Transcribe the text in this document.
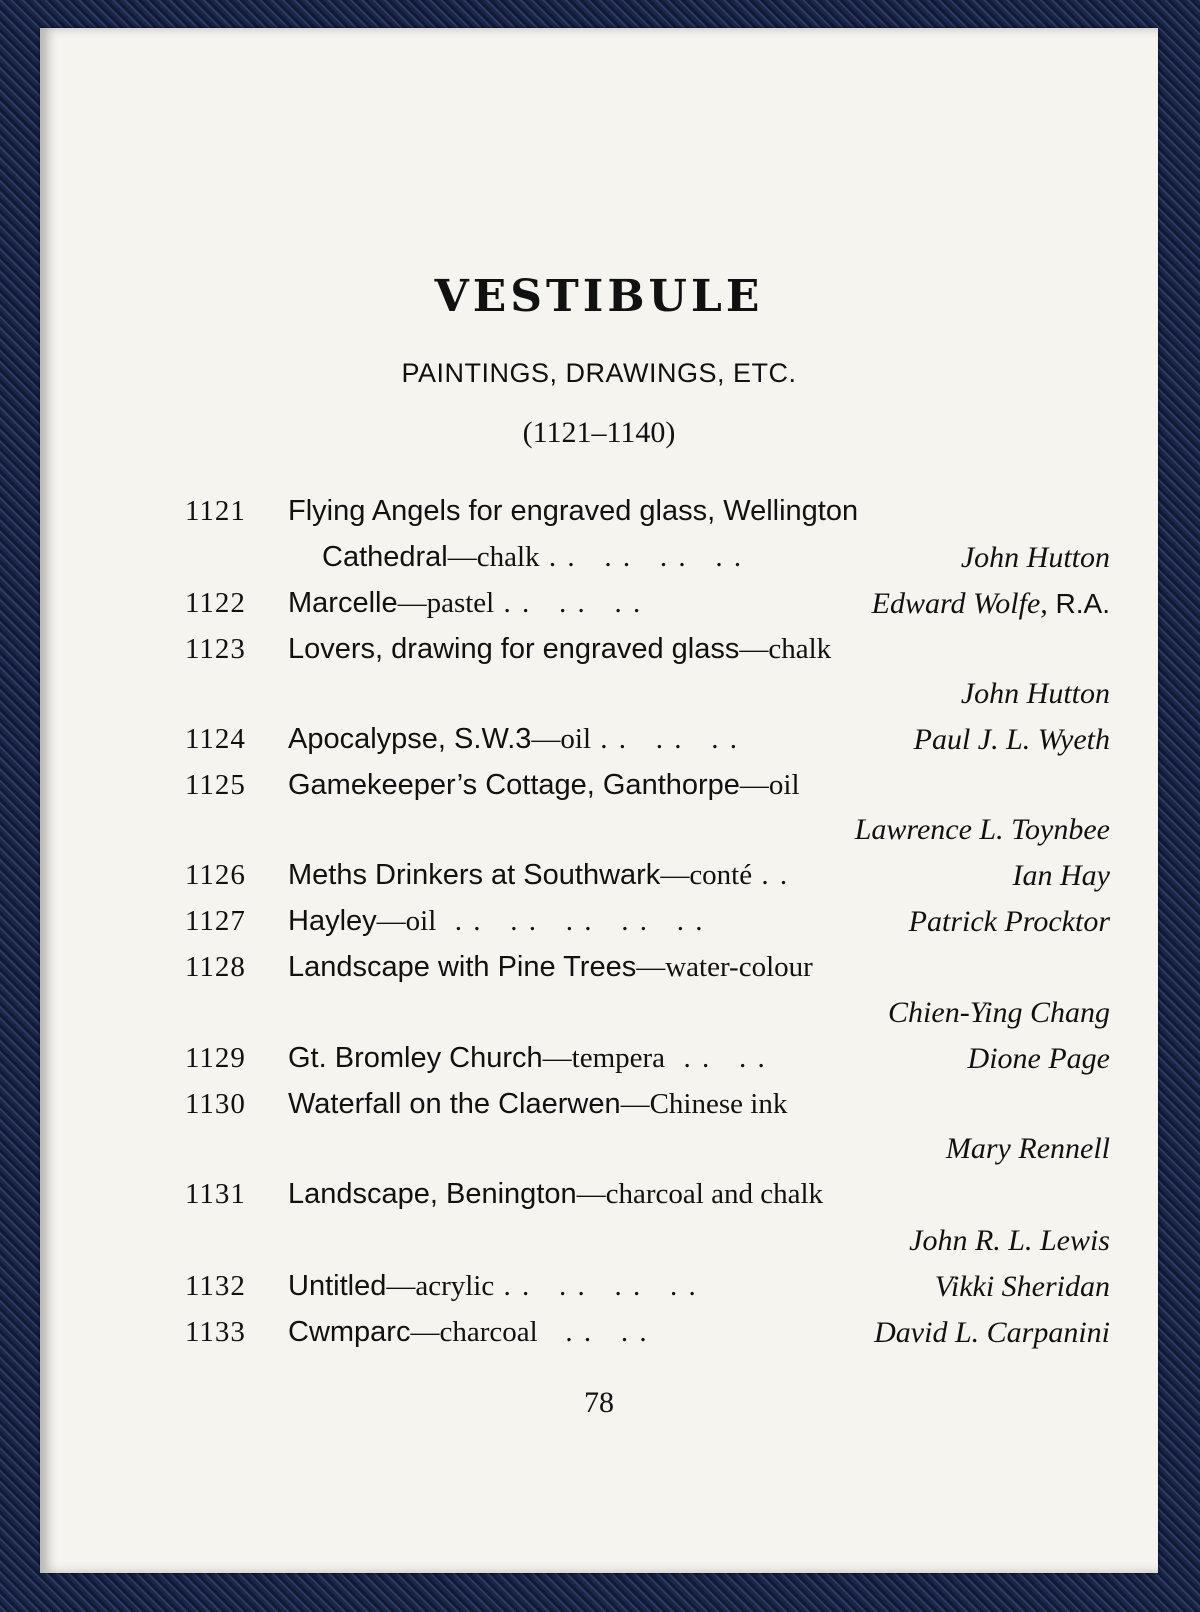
VESTIBULE
PAINTINGS, DRAWINGS, ETC.
(1121–1140)
1121 Flying Angels for engraved glass, Wellington
Cathedral—chalk . .   . .   . .   . .	John Hutton
1122 Marcelle—pastel . .   . .   . .	Edward Wolfe, R.A.
1123 Lovers, drawing for engraved glass—chalk
John Hutton
1124 Apocalypse, S.W.3—oil . .   . .   . .	Paul J. L. Wyeth
1125 Gamekeeper’s Cottage, Ganthorpe—oil
Lawrence L. Toynbee
1126 Meths Drinkers at Southwark—conté . .	Ian Hay
1127 Hayley—oil  . .   . .   . .   . .   . .	Patrick Procktor
1128 Landscape with Pine Trees—water-colour
Chien-Ying Chang
1129 Gt. Bromley Church—tempera  . .   . .	Dione Page
1130 Waterfall on the Claerwen—Chinese ink
Mary Rennell
1131 Landscape, Benington—charcoal and chalk
John R. L. Lewis
1132 Untitled—acrylic . .   . .   . .   . .	Vikki Sheridan
1133 Cwmparc—charcoal   . .   . .	David L. Carpanini
78
